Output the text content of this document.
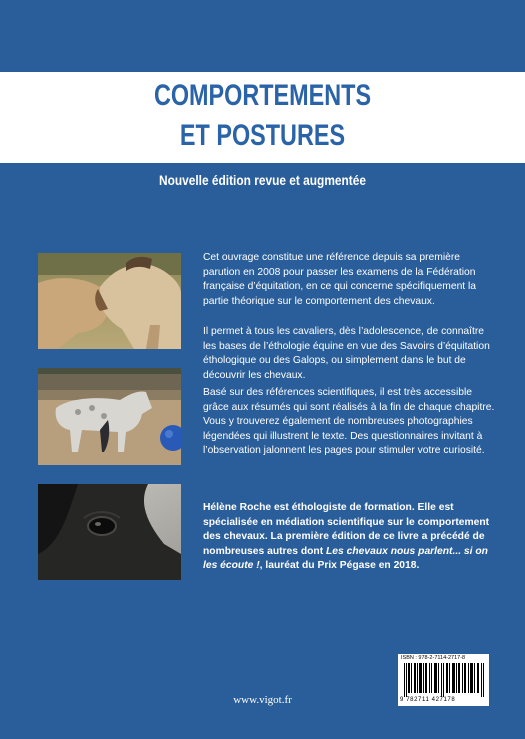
COMPORTEMENTS
ET POSTURES
Nouvelle édition revue et augmentée

Cet ouvrage constitue une référence depuis sa première parution en 2008 pour passer les examens de la Fédération française d’équitation, en ce qui concerne spécifiquement la partie théorique sur le comportement des chevaux.

Il permet à tous les cavaliers, dès l’adolescence, de connaître les bases de l’éthologie équine en vue des Savoirs d’équitation éthologique ou des Galops, ou simplement dans le but de découvrir les chevaux.

Basé sur des références scientifiques, il est très accessible grâce aux résumés qui sont réalisés à la fin de chaque chapitre. Vous y trouverez également de nombreuses photographies légendées qui illustrent le texte. Des questionnaires invitant à l’observation jalonnent les pages pour stimuler votre curiosité.

Hélène Roche est éthologiste de formation. Elle est spécialisée en médiation scientifique sur le comportement des chevaux. La première édition de ce livre a précédé de nombreuses autres dont Les chevaux nous parlent... si on les écoute !, lauréat du Prix Pégase en 2018.

ISBN : 978-2-7114-2717-8
9 782711 427178
www.vigot.fr
